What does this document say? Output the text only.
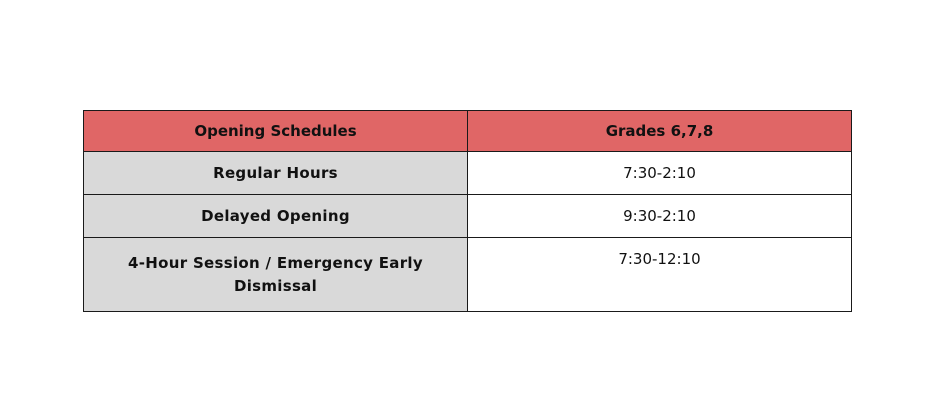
Opening Schedules	Grades 6,7,8
Regular Hours	7:30-2:10
Delayed Opening	9:30-2:10
4-Hour Session / Emergency Early Dismissal	7:30-12:10
